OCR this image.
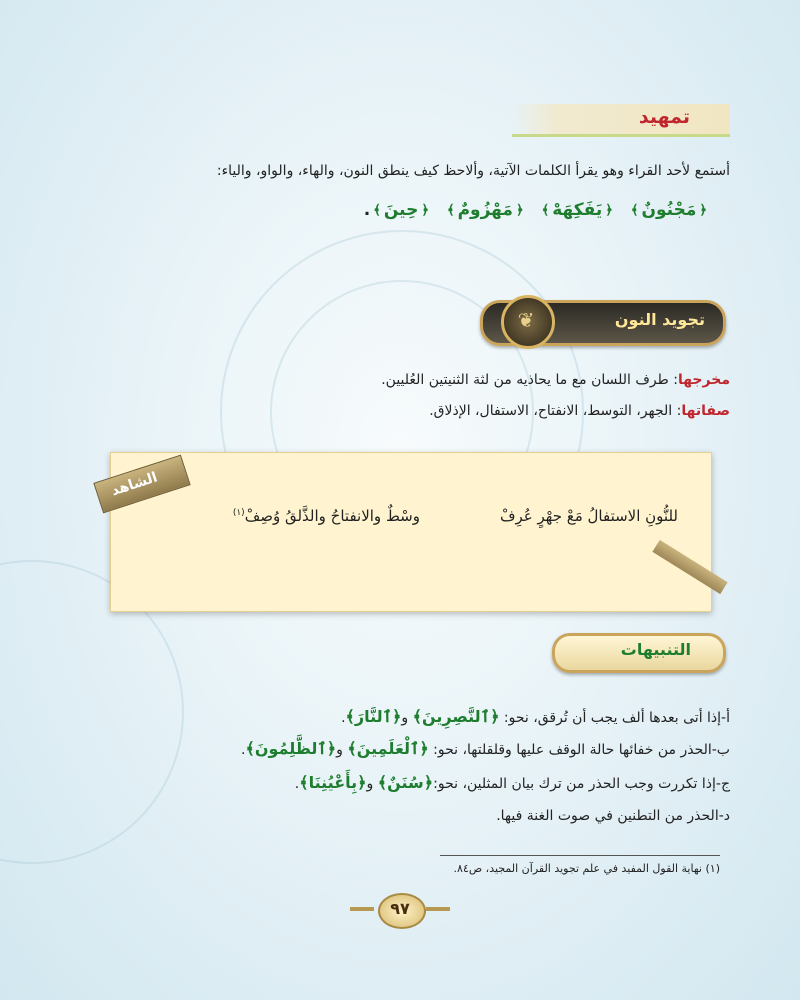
تمهيد
أستمع لأحد القراء وهو يقرأ الكلمات الآتية، وألاحظ كيف ينطق النون، والهاء، والواو، والياء:
﴿
مَجْنُونٌ
﴾
﴿
يَفَكِهَهْ
﴾
﴿
مَهْزُومٌ
﴾
﴿
حِينَ
﴾
.
تجويد النون
❦
مخرجها: طرف اللسان مع ما يحاذيه من لثة الثنيتين العُليين.
صفاتها: الجهر، التوسط، الانفتاح، الاستفال، الإذلاق.
الشاهد
للنُّونِ الاستفالُ مَعْ جهْرٍ عُرِفْ
وسْطٌ والانفتاحُ والذَّلقُ وُصِفْ$^{(١)}$
التنبيهات
أ-إذا أتى بعدها ألف يجب أن تُرقق، نحو: ﴿ٱلنَّصِرِينَ﴾ و﴿ٱلنَّارَ﴾.
ب-الحذر من خفائها حالة الوقف عليها وقلقلتها، نحو: ﴿ٱلْعَلَمِينَ﴾ و﴿ٱلظَّلِمُونَ﴾.
ج-إذا تكررت وجب الحذر من ترك بيان المثلين، نحو:﴿سُنَنٌ﴾ و﴿بِأَعْيُنِنَا﴾.
د-الحذر من التطنين في صوت الغنة فيها.
(١) نهاية القول المفيد في علم تجويد القرآن المجيد، ص٨٤.
٩٧
